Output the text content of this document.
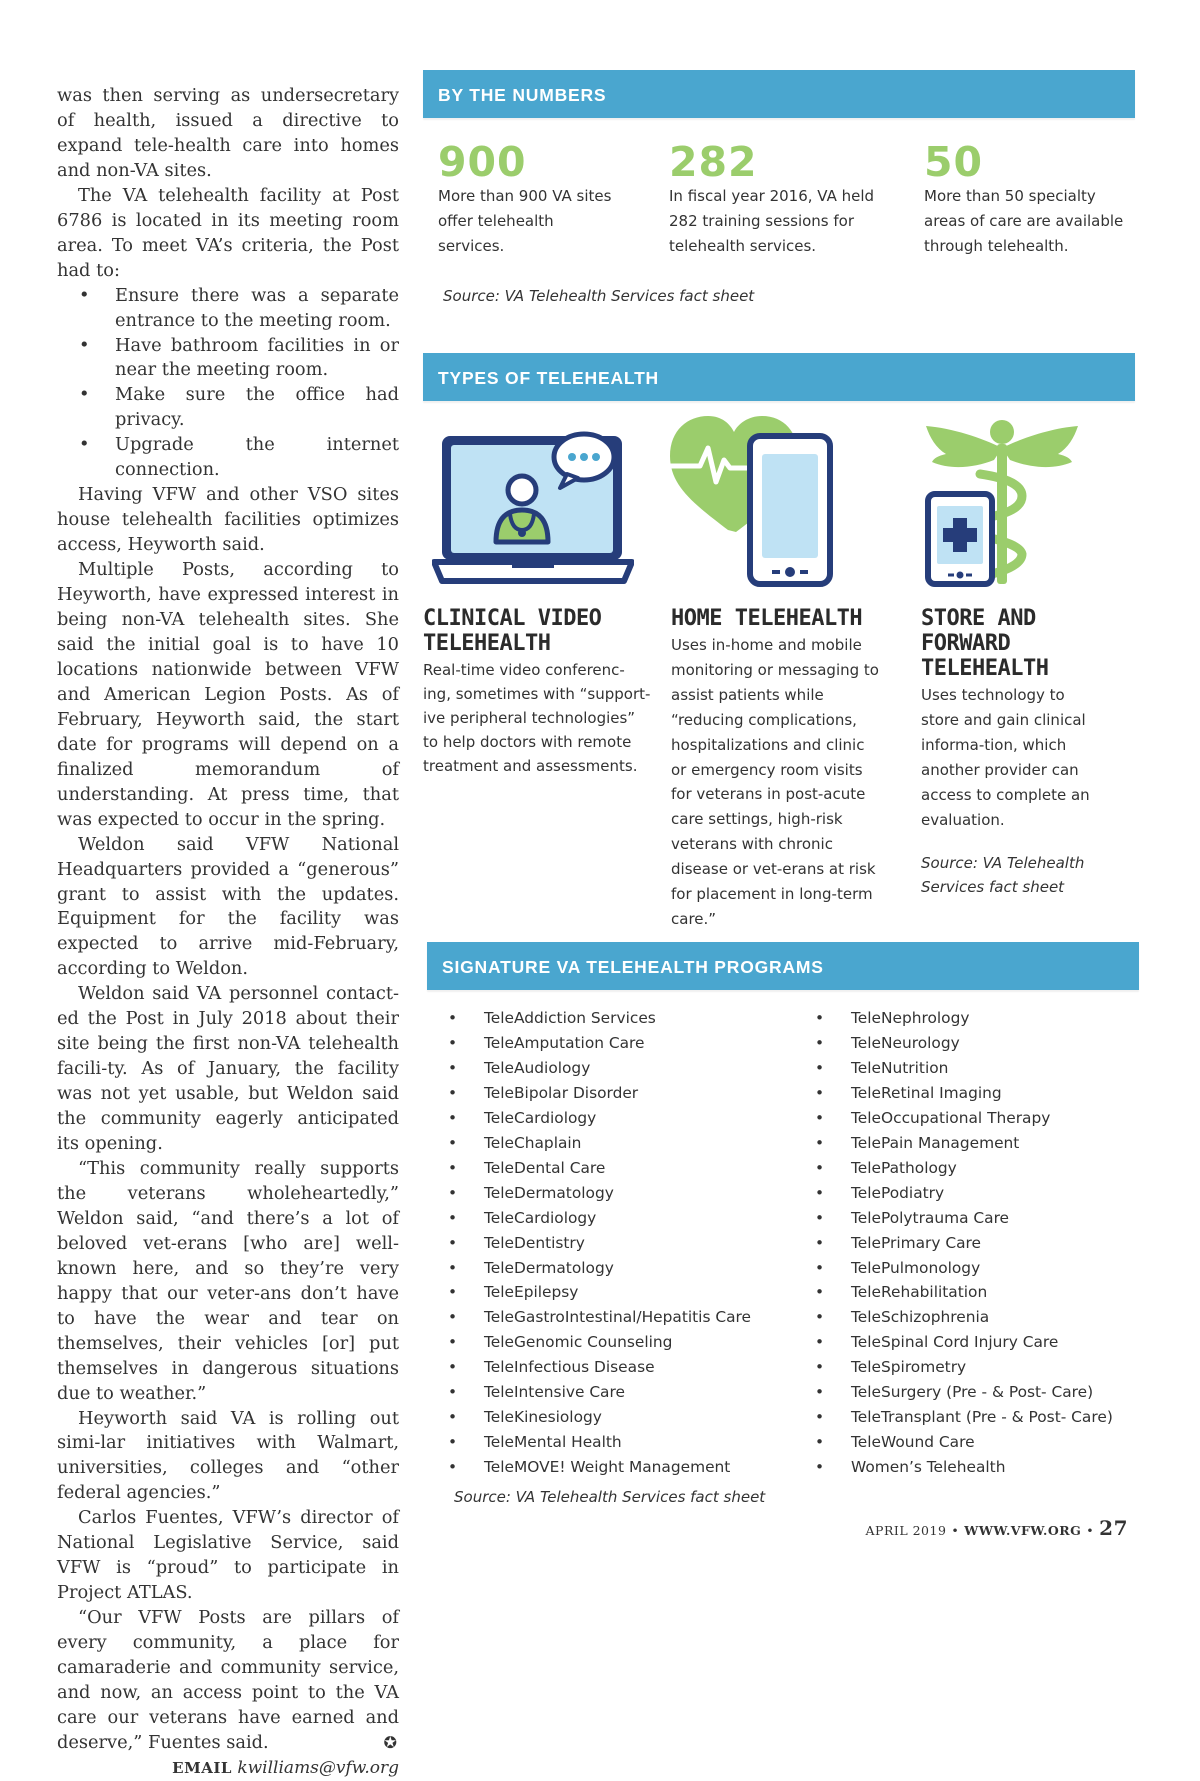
was then serving as undersecretary of health, issued a directive to expand tele-health care into homes and non-VA sites.

The VA telehealth facility at Post 6786 is located in its meeting room area. To meet VA’s criteria, the Post had to:

• Ensure there was a separate entrance to the meeting room.
• Have bathroom facilities in or near the meeting room.
• Make sure the office had privacy.
• Upgrade the internet connection.

Having VFW and other VSO sites house telehealth facilities optimizes access, Heyworth said.

Multiple Posts, according to Heyworth, have expressed interest in being non-VA telehealth sites. She said the initial goal is to have 10 locations nationwide between VFW and American Legion Posts. As of February, Heyworth said, the start date for programs will depend on a finalized memorandum of understanding. At press time, that was expected to occur in the spring.

Weldon said VFW National Headquarters provided a “generous” grant to assist with the updates. Equipment for the facility was expected to arrive mid-February, according to Weldon.

Weldon said VA personnel contact-ed the Post in July 2018 about their site being the first non-VA telehealth facili-ty. As of January, the facility was not yet usable, but Weldon said the community eagerly anticipated its opening.

“This community really supports the veterans wholeheartedly,” Weldon said, “and there’s a lot of beloved vet-erans [who are] well-known here, and so they’re very happy that our veter-ans don’t have to have the wear and tear on themselves, their vehicles [or] put themselves in dangerous situations due to weather.”

Heyworth said VA is rolling out simi-lar initiatives with Walmart, universities, colleges and “other federal agencies.”

Carlos Fuentes, VFW’s director of National Legislative Service, said VFW is “proud” to participate in Project ATLAS.

“Our VFW Posts are pillars of every community, a place for camaraderie and community service, and now, an access point to the VA care our veterans have earned and deserve,” Fuentes said.	✪

EMAIL kwilliams@vfw.org

BY THE NUMBERS
900
More than 900 VA sites offer telehealth services.
282
In fiscal year 2016, VA held 282 training sessions for telehealth services.
50
More than 50 specialty areas of care are available through telehealth.
Source: VA Telehealth Services fact sheet
TYPES OF TELEHEALTH
CLINICAL VIDEO
TELEHEALTH
Real-time video conferenc-ing, sometimes with “support-ive peripheral technologies” to help doctors with remote treatment and assessments.
HOME TELEHEALTH
Uses in-home and mobile monitoring or messaging to assist patients while “reducing complications, hospitalizations and clinic or emergency room visits for veterans in post-acute care settings, high-risk veterans with chronic disease or vet-erans at risk for placement in long-term care.”
STORE AND FORWARD
TELEHEALTH
Uses technology to store and gain clinical informa-tion, which another provider can access to complete an evaluation.
Source: VA Telehealth Services fact sheet
SIGNATURE VA TELEHEALTH PROGRAMS
• TeleAddiction Services
• TeleAmputation Care
• TeleAudiology
• TeleBipolar Disorder
• TeleCardiology
• TeleChaplain
• TeleDental Care
• TeleDermatology
• TeleCardiology
• TeleDentistry
• TeleDermatology
• TeleEpilepsy
• TeleGastroIntestinal/Hepatitis Care
• TeleGenomic Counseling
• TeleInfectious Disease
• TeleIntensive Care
• TeleKinesiology
• TeleMental Health
• TeleMOVE! Weight Management
• TeleNephrology
• TeleNeurology
• TeleNutrition
• TeleRetinal Imaging
• TeleOccupational Therapy
• TelePain Management
• TelePathology
• TelePodiatry
• TelePolytrauma Care
• TelePrimary Care
• TelePulmonology
• TeleRehabilitation
• TeleSchizophrenia
• TeleSpinal Cord Injury Care
• TeleSpirometry
• TeleSurgery (Pre - & Post- Care)
• TeleTransplant (Pre - & Post- Care)
• TeleWound Care
• Women’s Telehealth
Source: VA Telehealth Services fact sheet
APRIL 2019 • WWW.VFW.ORG • 27
